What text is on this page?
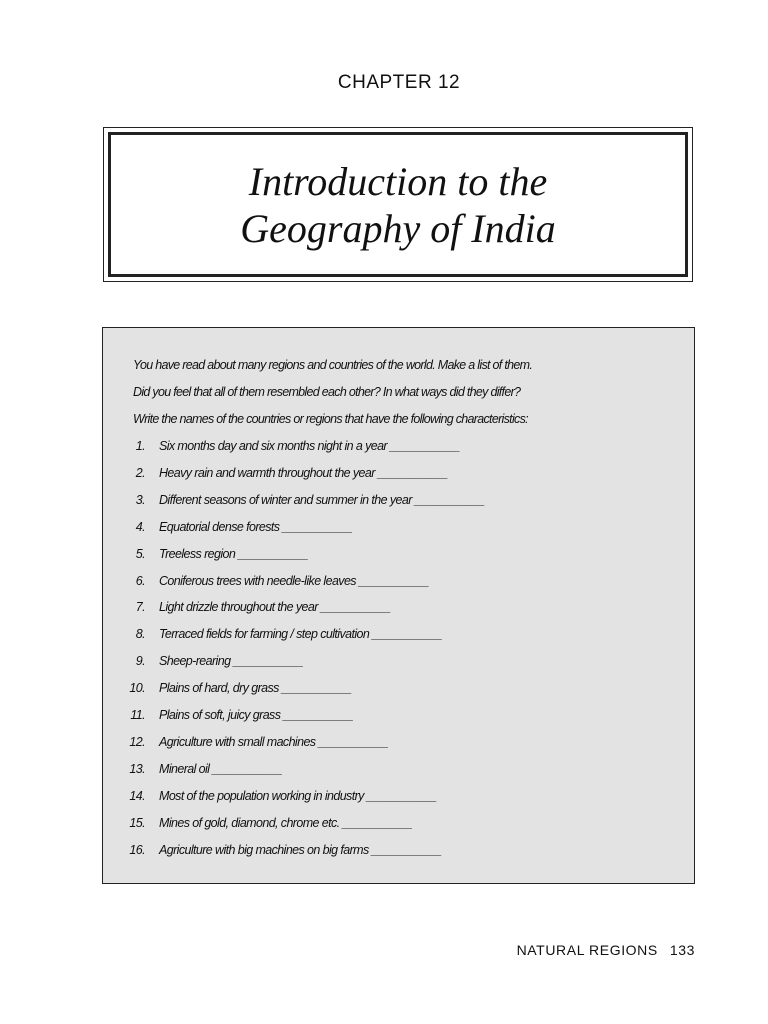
CHAPTER 12
Introduction to the
Geography of India
You have read about many regions and countries of the world. Make a list of them.
Did you feel that all of them resembled each other? In what ways did they differ?
Write the names of the countries or regions that have the following characteristics:
1. Six months day and six months night in a year ___________
2. Heavy rain and warmth throughout the year ___________
3. Different seasons of winter and summer in the year ___________
4. Equatorial dense forests ___________
5. Treeless region ___________
6. Coniferous trees with needle-like leaves ___________
7. Light drizzle throughout the year ___________
8. Terraced fields for farming / step cultivation ___________
9. Sheep-rearing ___________
10. Plains of hard, dry grass ___________
11. Plains of soft, juicy grass ___________
12. Agriculture with small machines ___________
13. Mineral oil ___________
14. Most of the population working in industry ___________
15. Mines of gold, diamond, chrome etc. ___________
16. Agriculture with big machines on big farms ___________
NATURAL REGIONS 133
